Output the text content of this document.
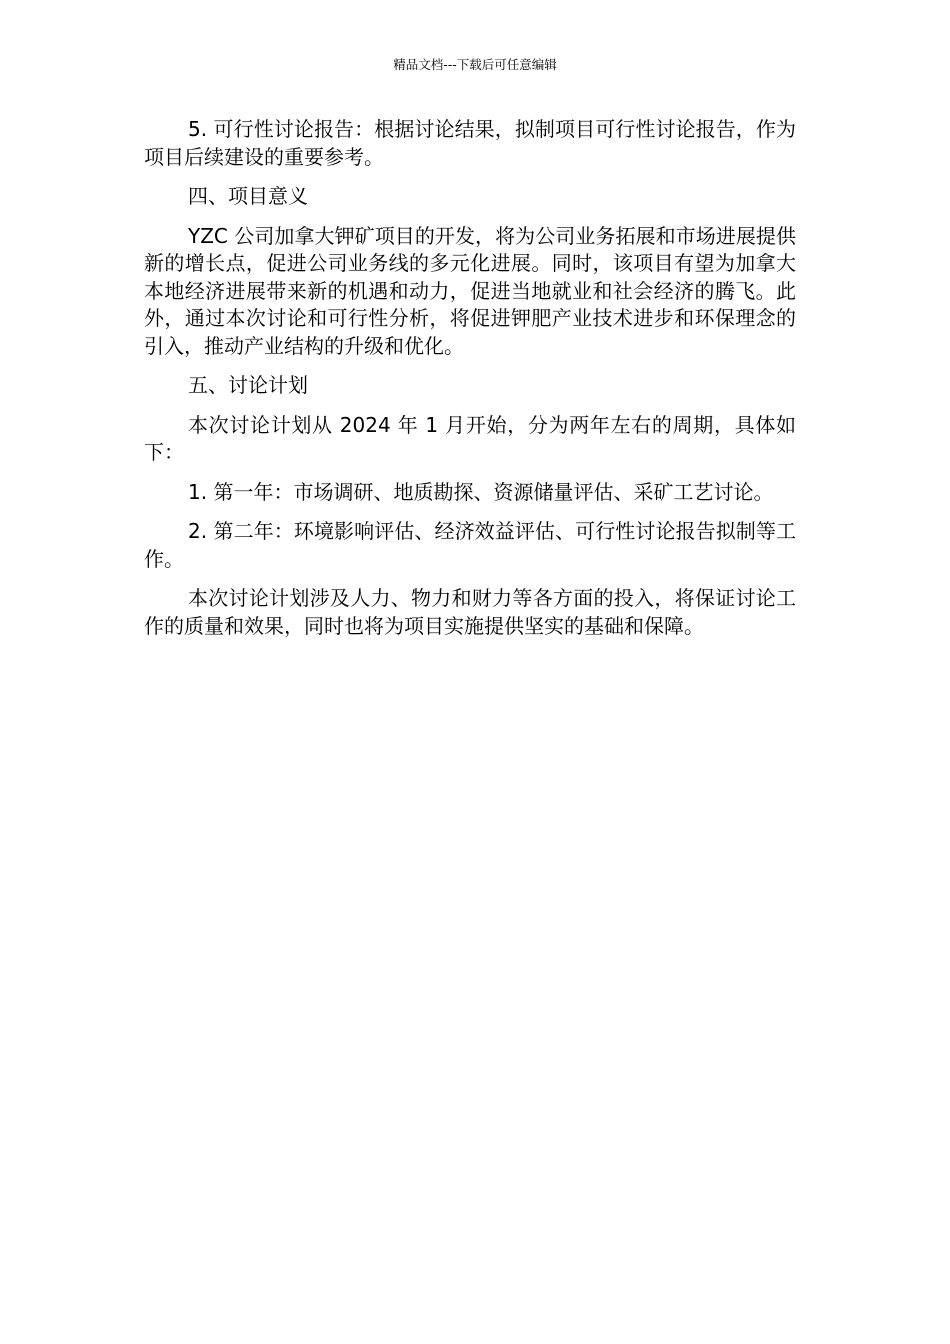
精品文档---下载后可任意编辑

5. 可行性讨论报告：根据讨论结果，拟制项目可行性讨论报告，作为项目后续建设的重要参考。

四、项目意义

YZC 公司加拿大钾矿项目的开发，将为公司业务拓展和市场进展提供新的增长点，促进公司业务线的多元化进展。同时，该项目有望为加拿大本地经济进展带来新的机遇和动力，促进当地就业和社会经济的腾飞。此外，通过本次讨论和可行性分析，将促进钾肥产业技术进步和环保理念的引入，推动产业结构的升级和优化。

五、讨论计划

本次讨论计划从 2024 年 1 月开始，分为两年左右的周期，具体如下：

1. 第一年：市场调研、地质勘探、资源储量评估、采矿工艺讨论。

2. 第二年：环境影响评估、经济效益评估、可行性讨论报告拟制等工作。

本次讨论计划涉及人力、物力和财力等各方面的投入，将保证讨论工作的质量和效果，同时也将为项目实施提供坚实的基础和保障。
